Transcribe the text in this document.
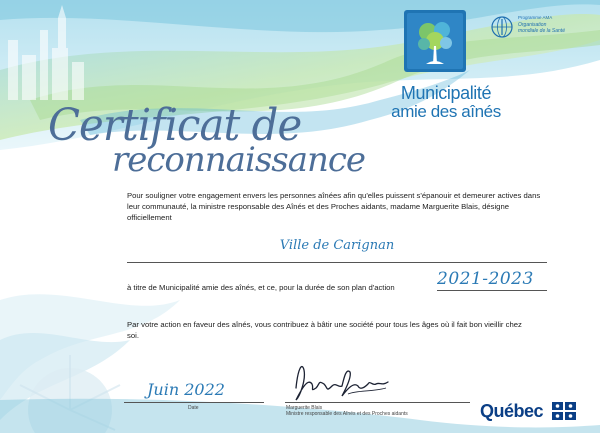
Municipalité
amie des aînés
Programme AMA
Organisation
mondiale de la Santé
Certificat de
reconnaissance
Pour souligner votre engagement envers les personnes aînées afin qu'elles puissent s'épanouir et demeurer actives dans leur communauté, la ministre responsable des Aînés et des Proches aidants, madame Marguerite Blais, désigne officiellement
Ville de Carignan
à titre de Municipalité amie des aînés, et ce, pour la durée de son plan d'action 2021-2023
Par votre action en faveur des aînés, vous contribuez à bâtir une société pour tous les âges où il fait bon vieillir chez soi.
Juin 2022
Date	Marguerite Blais
Ministre responsable des Aînés et des Proches aidants	Québec
